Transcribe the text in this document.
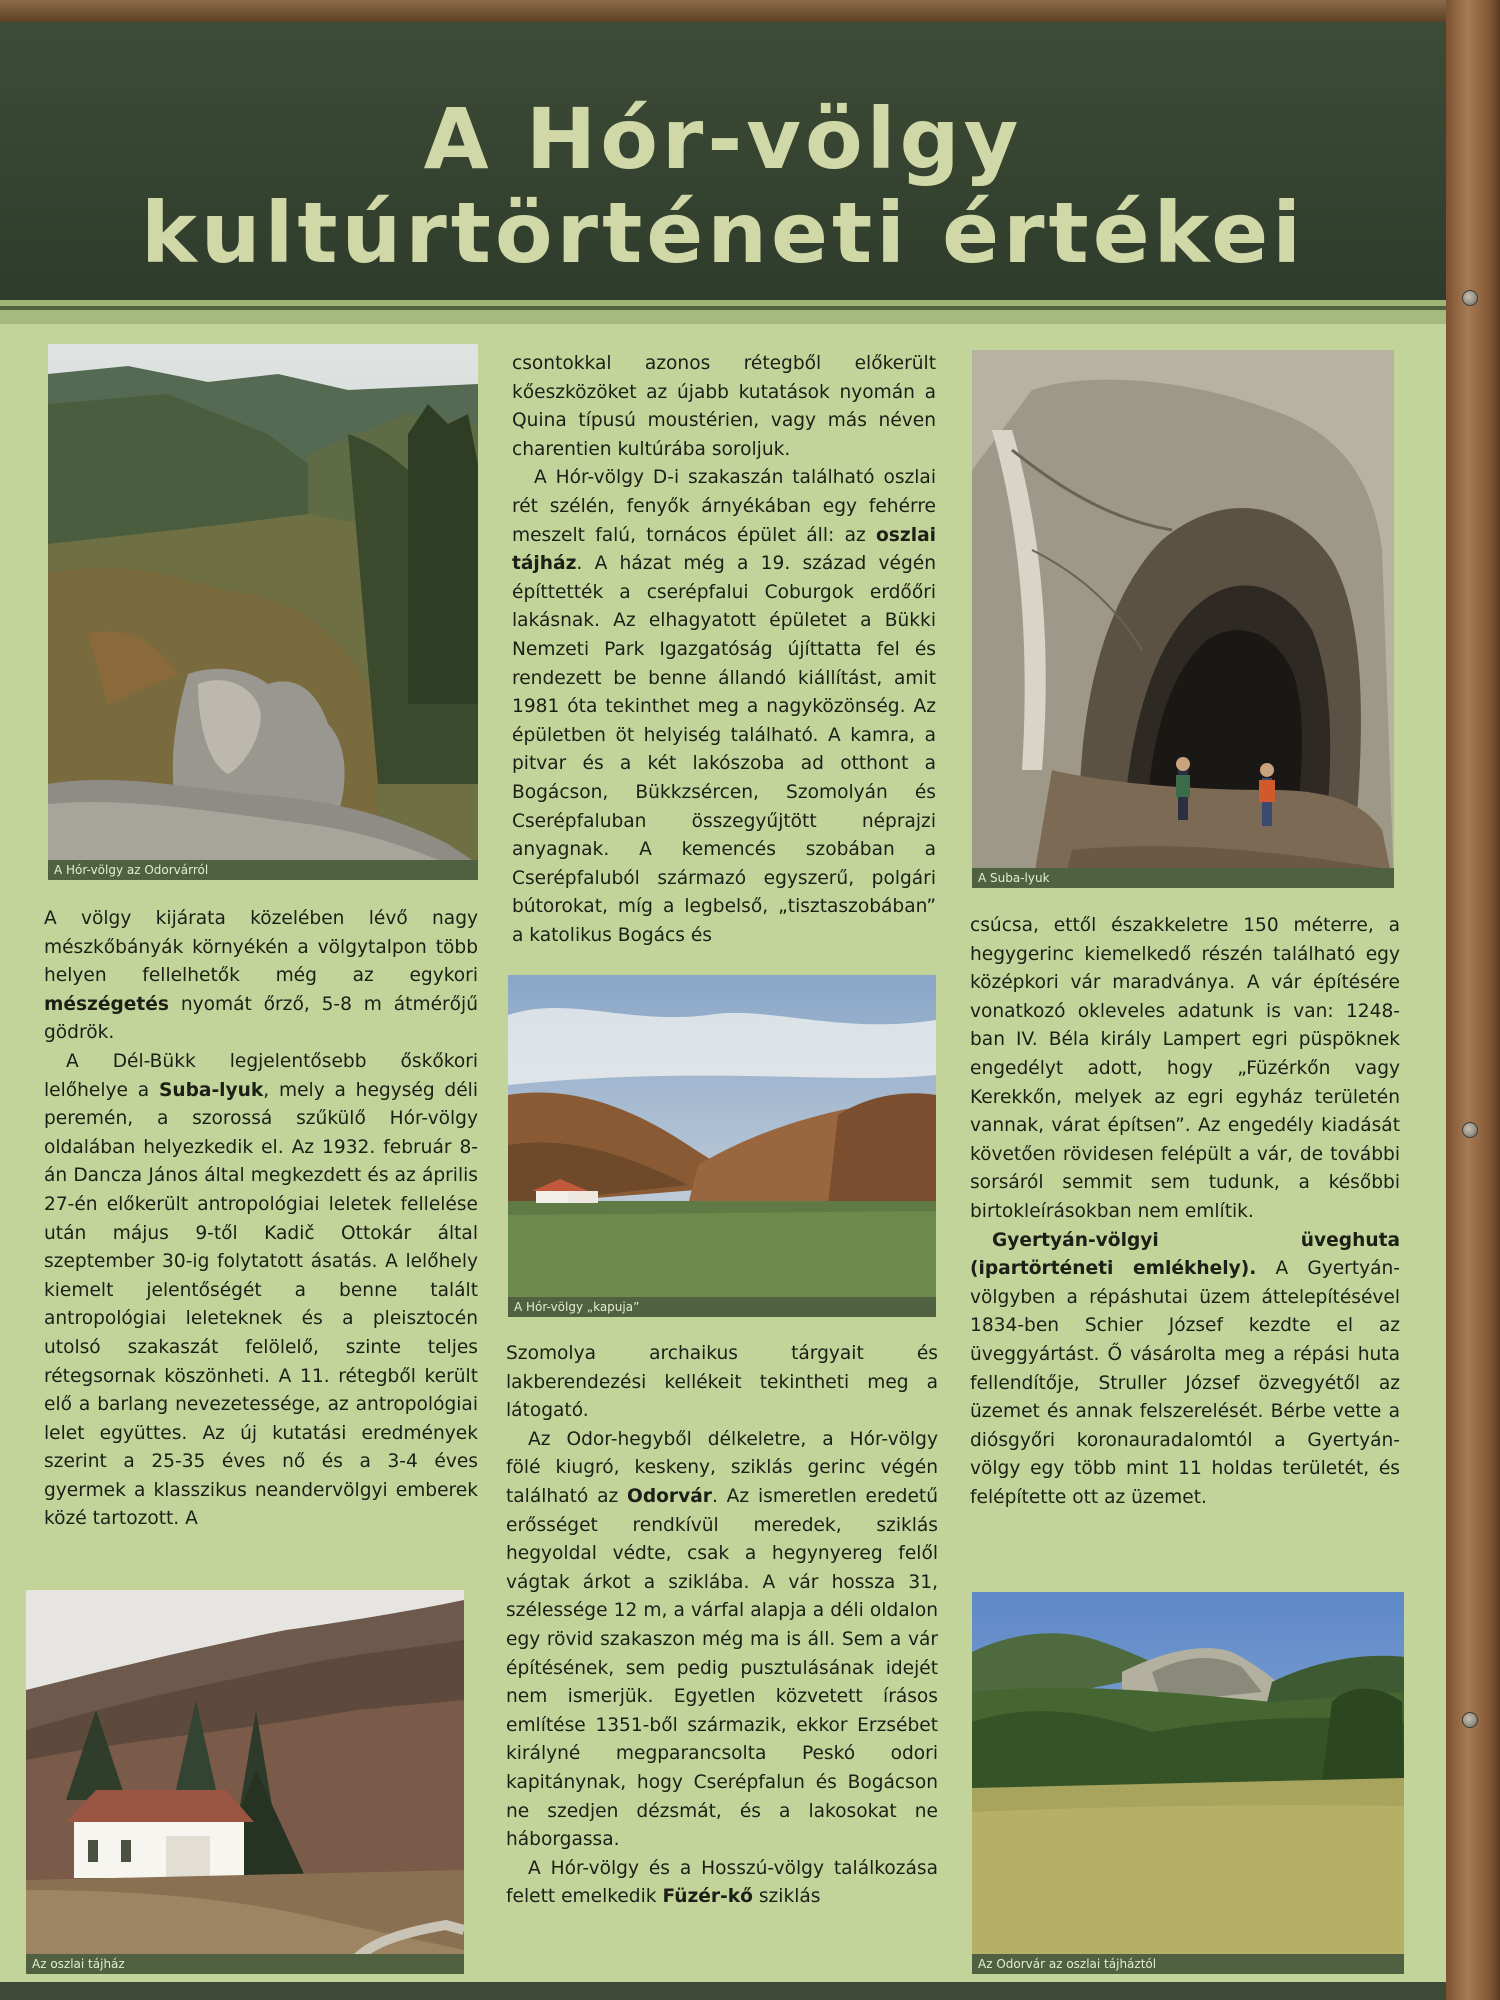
A Hór-völgy
kultúrtörténeti értékei
A Hór-völgy az Odorvárról
A Suba-lyuk
A Hór-völgy „kapuja”
Az oszlai tájház	Az Odorvár az oszlai tájháztól

A völgy kijárata közelében lévő nagy mészkőbányák környékén a völgytalpon több helyen fellelhetők még az egykori mészégetés nyomát őrző, 5-8 m átmérőjű gödrök.

A Dél-Bükk legjelentősebb őskőkori lelőhelye a Suba-lyuk, mely a hegység déli peremén, a szorossá szűkülő Hór-völgy oldalában helyezkedik el. Az 1932. február 8-án Dancza János által megkezdett és az április 27-én előkerült antropológiai leletek fellelése után május 9-től Kadič Ottokár által szeptember 30-ig folytatott ásatás. A lelőhely kiemelt jelentőségét a benne talált antropológiai leleteknek és a pleisztocén utolsó szakaszát felölelő, szinte teljes rétegsornak köszönheti. A 11. rétegből került elő a barlang nevezetessége, az antropológiai lelet együttes. Az új kutatási eredmények szerint a 25-35 éves nő és a 3-4 éves gyermek a klasszikus neandervölgyi emberek közé tartozott. A

csontokkal azonos rétegből előkerült kőeszközöket az újabb kutatások nyomán a Quina típusú moustérien, vagy más néven charentien kultúrába soroljuk.

A Hór-völgy D-i szakaszán található oszlai rét szélén, fenyők árnyékában egy fehérre meszelt falú, tornácos épület áll: az oszlai tájház. A házat még a 19. század végén építtették a cserépfalui Coburgok erdőőri lakásnak. Az elhagyatott épületet a Bükki Nemzeti Park Igazgatóság újíttatta fel és rendezett be benne állandó kiállítást, amit 1981 óta tekinthet meg a nagyközönség. Az épületben öt helyiség található. A kamra, a pitvar és a két lakószoba ad otthont a Bogácson, Bükkzsércen, Szomolyán és Cserépfaluban összegyűjtött néprajzi anyagnak. A kemencés szobában a Cserépfaluból származó egyszerű, polgári bútorokat, míg a legbelső, „tisztaszobában” a katolikus Bogács és

Szomolya archaikus tárgyait és lakberendezési kellékeit tekintheti meg a látogató.

Az Odor-hegyből délkeletre, a Hór-völgy fölé kiugró, keskeny, sziklás gerinc végén található az Odorvár. Az ismeretlen eredetű erősséget rendkívül meredek, sziklás hegyoldal védte, csak a hegynyereg felől vágtak árkot a sziklába. A vár hossza 31, szélessége 12 m, a várfal alapja a déli oldalon egy rövid szakaszon még ma is áll. Sem a vár építésének, sem pedig pusztulásának idejét nem ismerjük. Egyetlen közvetett írásos említése 1351-ből származik, ekkor Erzsébet királyné megparancsolta Peskó odori kapitánynak, hogy Cserépfalun és Bogácson ne szedjen dézsmát, és a lakosokat ne háborgassa.

A Hór-völgy és a Hosszú-völgy találkozása felett emelkedik Füzér-kő sziklás

csúcsa, ettől északkeletre 150 méterre, a hegygerinc kiemelkedő részén található egy középkori vár maradványa. A vár építésére vonatkozó okleveles adatunk is van: 1248-ban IV. Béla király Lampert egri püspöknek engedélyt adott, hogy „Füzérkőn vagy Kerekkőn, melyek az egri egyház területén vannak, várat építsen”. Az engedély kiadását követően rövidesen felépült a vár, de további sorsáról semmit sem tudunk, a későbbi birtokleírásokban nem említik.

Gyertyán-völgyi üveghuta (ipartörténeti emlékhely). A Gyertyán-völgyben a répáshutai üzem áttelepítésével 1834-ben Schier József kezdte el az üveggyártást. Ő vásárolta meg a répási huta fellendítője, Struller József özvegyétől az üzemet és annak felszerelését. Bérbe vette a diósgyőri koronauradalomtól a Gyertyán-völgy egy több mint 11 holdas területét, és felépítette ott az üzemet.
